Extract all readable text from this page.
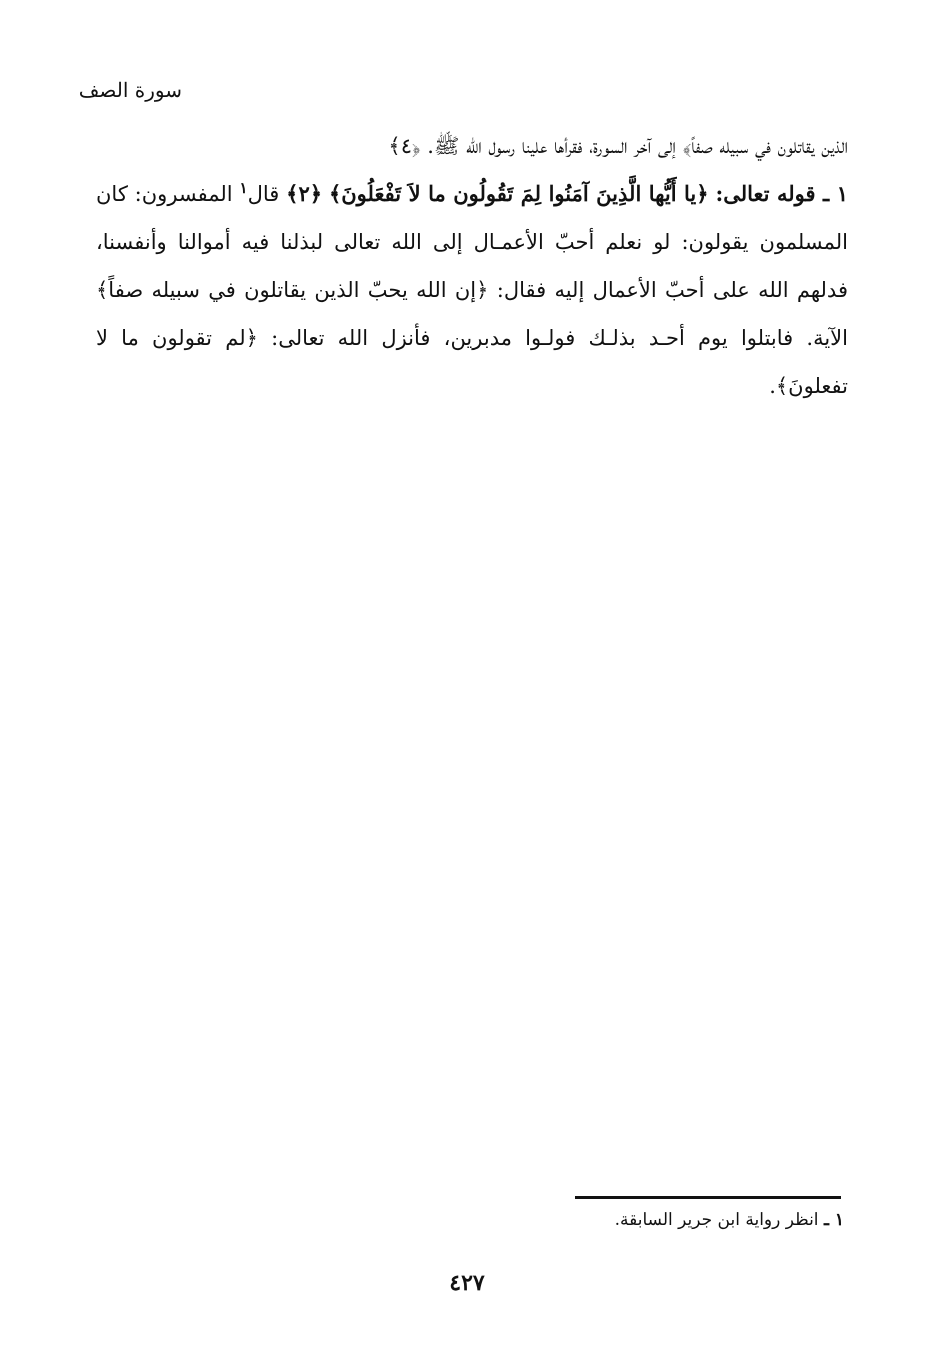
سورة الصف

الذين يقاتلون في سبيله صفاً﴾ إلى آخر السورة، فقرأها علينا رسول الله ﷺ. ﴿٤﴾

١ ـ قوله تعالى: ﴿يا أَيُّها الَّذِينَ آمَنُوا لِمَ تَقُولُون ما لاَ تَفْعَلُونَ﴾ ﴿٢﴾ قال$^١$ المفسرون: كان المسلمون يقولون: لو نعلم أحبّ الأعمـال إلى الله تعالى لبذلنا فيه أموالنا وأنفسنا، فدلهم الله على أحبّ الأعمال إليه فقال: ﴿إن الله يحبّ الذين يقاتلون في سبيله صفاً﴾ الآية. فابتلوا يوم أحـد بذلـك فولـوا مدبرين، فأنزل الله تعالى: ﴿لم تقولون ما لا تفعلونَ﴾.

١ ـ انظر رواية ابن جرير السابقة.
٤٢٧
